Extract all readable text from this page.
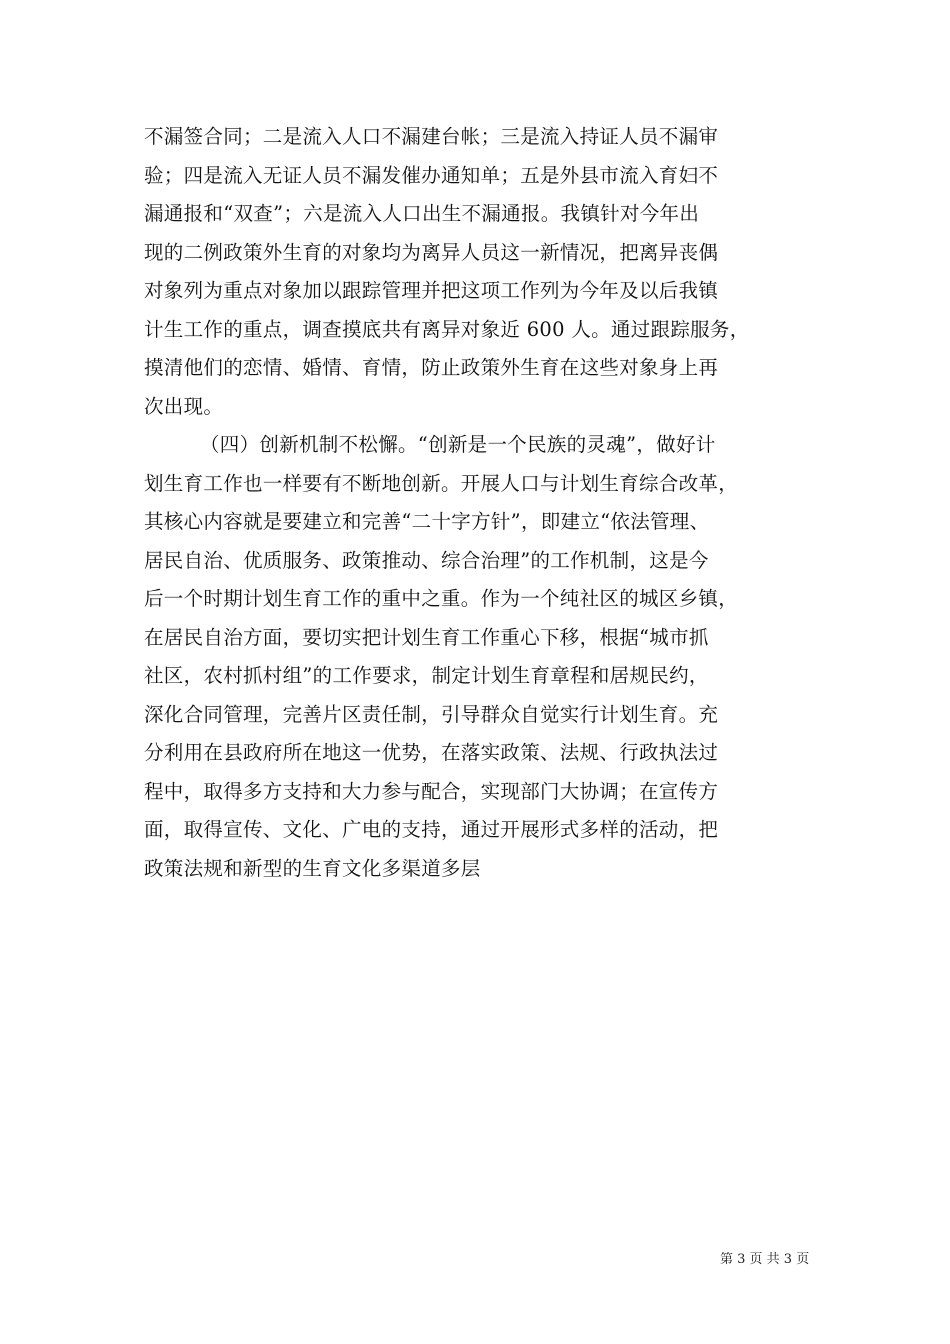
不漏签合同；二是流入人口不漏建台帐；三是流入持证人员不漏审
验；四是流入无证人员不漏发催办通知单；五是外县市流入育妇不
漏通报和“双查”；六是流入人口出生不漏通报。我镇针对今年出
现的二例政策外生育的对象均为离异人员这一新情况，把离异丧偶
对象列为重点对象加以跟踪管理并把这项工作列为今年及以后我镇
计生工作的重点，调查摸底共有离异对象近 600 人。通过跟踪服务，
摸清他们的恋情、婚情、育情，防止政策外生育在这些对象身上再
次出现。
（四）创新机制不松懈。“创新是一个民族的灵魂”，做好计
划生育工作也一样要有不断地创新。开展人口与计划生育综合改革，
其核心内容就是要建立和完善“二十字方针”，即建立“依法管理、
居民自治、优质服务、政策推动、综合治理”的工作机制，这是今
后一个时期计划生育工作的重中之重。作为一个纯社区的城区乡镇，
在居民自治方面，要切实把计划生育工作重心下移，根据“城市抓
社区，农村抓村组”的工作要求，制定计划生育章程和居规民约，
深化合同管理，完善片区责任制，引导群众自觉实行计划生育。充
分利用在县政府所在地这一优势，在落实政策、法规、行政执法过
程中，取得多方支持和大力参与配合，实现部门大协调；在宣传方
面，取得宣传、文化、广电的支持，通过开展形式多样的活动，把
政策法规和新型的生育文化多渠道多层
第 3 页 共 3 页
